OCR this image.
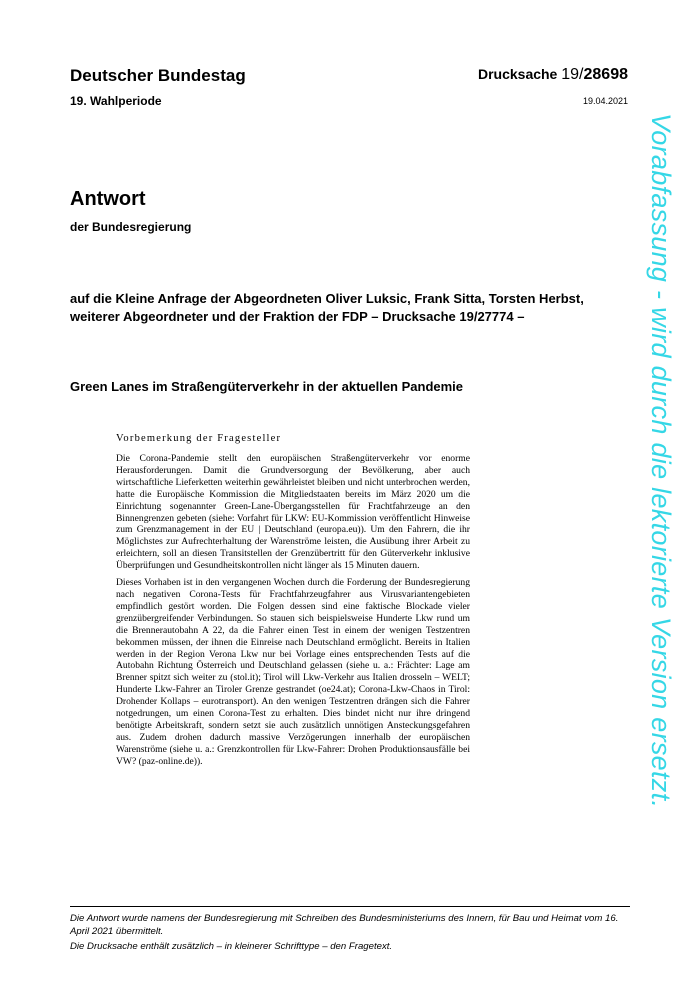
Deutscher Bundestag
19. Wahlperiode
Drucksache 19/28698
19.04.2021
Antwort
der Bundesregierung
auf die Kleine Anfrage der Abgeordneten Oliver Luksic, Frank Sitta, Torsten Herbst, weiterer Abgeordneter und der Fraktion der FDP – Drucksache 19/27774 –
Green Lanes im Straßengüterverkehr in der aktuellen Pandemie
Vorbemerkung der Fragesteller

Die Corona-Pandemie stellt den europäischen Straßengüterverkehr vor enorme Herausforderungen. Damit die Grundversorgung der Bevölkerung, aber auch wirtschaftliche Lieferketten weiterhin gewährleistet bleiben und nicht unterbrochen werden, hatte die Europäische Kommission die Mitgliedstaaten bereits im März 2020 um die Einrichtung sogenannter Green-Lane-Übergangsstellen für Frachtfahrzeuge an den Binnengrenzen gebeten (siehe: Vorfahrt für LKW: EU-Kommission veröffentlicht Hinweise zum Grenzmanagement in der EU | Deutschland (europa.eu)). Um den Fahrern, die ihr Möglichstes zur Aufrechterhaltung der Warenströme leisten, die Ausübung ihrer Arbeit zu erleichtern, soll an diesen Transitstellen der Grenzübertritt für den Güterverkehr inklusive Überprüfungen und Gesundheitskontrollen nicht länger als 15 Minuten dauern.

Dieses Vorhaben ist in den vergangenen Wochen durch die Forderung der Bundesregierung nach negativen Corona-Tests für Frachtfahrzeugfahrer aus Virusvariantengebieten empfindlich gestört worden. Die Folgen dessen sind eine faktische Blockade vieler grenzübergreifender Verbindungen. So stauen sich beispielsweise Hunderte Lkw rund um die Brennerautobahn A 22, da die Fahrer einen Test in einem der wenigen Testzentren bekommen müssen, der ihnen die Einreise nach Deutschland ermöglicht. Bereits in Italien werden in der Region Verona Lkw nur bei Vorlage eines entsprechenden Tests auf die Autobahn Richtung Österreich und Deutschland gelassen (siehe u. a.: Frächter: Lage am Brenner spitzt sich weiter zu (stol.it); Tirol will Lkw-Verkehr aus Italien drosseln – WELT; Hunderte Lkw-Fahrer an Tiroler Grenze gestrandet (oe24.at); Corona-Lkw-Chaos in Tirol: Drohender Kollaps – eurotransport). An den wenigen Testzentren drängen sich die Fahrer notgedrungen, um einen Corona-Test zu erhalten. Dies bindet nicht nur ihre dringend benötigte Arbeitskraft, sondern setzt sie auch zusätzlich unnötigen Ansteckungsgefahren aus. Zudem drohen dadurch massive Verzögerungen innerhalb der europäischen Warenströme (siehe u. a.: Grenzkontrollen für Lkw-Fahrer: Drohen Produktionsausfälle bei VW? (paz-online.de)).	Vorabfassung - wird durch die lektorierte Version ersetzt.

Die Antwort wurde namens der Bundesregierung mit Schreiben des Bundesministeriums des Innern, für Bau und Heimat vom 16. April 2021 übermittelt.

Die Drucksache enthält zusätzlich – in kleinerer Schrifttype – den Fragetext.
